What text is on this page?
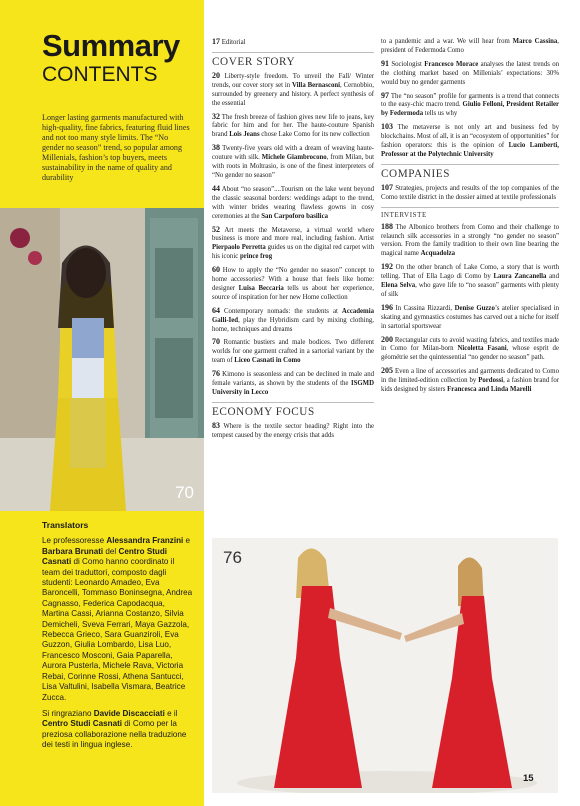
Summary
CONTENTS
Longer lasting garments manufactured with high-quality, fine fabrics, featuring fluid lines and not too many style limits. The “No gender no season” trend, so popular among Millenials, fashion’s top buyers, meets sustainability in the name of quality and durability
70
Translators

Le professoresse Alessandra Franzini e Barbara Brunati del Centro Studi Casnati di Como hanno coordinato il team dei traduttori, composto dagli studenti: Leonardo Amadeo, Eva Baroncelli, Tommaso Boninsegna, Andrea Cagnasso, Federica Capodacqua, Martina Cassi, Arianna Costanzo, Silvia Demicheli, Sveva Ferrari, Maya Gazzola, Rebecca Grieco, Sara Guanziroli, Eva Guzzon, Giulia Lombardo, Lisa Luo, Francesco Mosconi, Gaia Paparella, Aurora Pusterla, Michele Rava, Victoria Rebai, Corinne Rossi, Athena Santucci, Lisa Valtulini, Isabella Vismara, Beatrice Zucca.

Si ringraziano Davide Discacciati e il Centro Studi Casnati di Como per la preziosa collaborazione nella traduzione dei testi in lingua inglese.

17 Editorial

COVER STORY

20 Liberty-style freedom. To unveil the Fall/ Winter trends, our cover story set in Villa Bernasconi, Cernobbio, surrounded by greenery and history. A perfect synthesis of the essential

32 The fresh breeze of fashion gives new life to jeans, key fabric for him and for her. The haute-couture Spanish brand Lois Jeans chose Lake Como for its new collection

38 Twenty-five years old with a dream of weaving haute-couture with silk. Michele Giambrocono, from Milan, but with roots in Moltrasio, is one of the finest interpreters of “No gender no season”

44 About “no season”....Tourism on the lake went beyond the classic seasonal borders: weddings adapt to the trend, with winter brides wearing flawless gowns in cosy ceremonies at the San Carpoforo basilica

52 Art meets the Metaverse, a virtual world where business is more and more real, including fashion. Artist Pierpaolo Perretta guides us on the digital red carpet with his iconic prince frog

60 How to apply the “No gender no season” concept to home accessories? With a house that feels like home: designer Luisa Beccaria tells us about her experience, source of inspiration for her new Home collection

64 Contemporary nomads: the students at Accademia Galli-Ied, play the Hybridism card by mixing clothing, home, techniques and dreams

70 Romantic bustiers and male bodices. Two different worlds for one garment crafted in a sartorial variant by the team of Liceo Casnati in Como

76 Kimono is seasonless and can be declined in male and female variants, as shown by the students of the ISGMD University in Lecco

ECONOMY FOCUS

83 Where is the textile sector heading? Right into the tempest caused by the energy crisis that adds

to a pandemic and a war. We will hear from Marco Cassina, president of Federmoda Como

91 Sociologist Francesco Morace analyses the latest trends on the clothing market based on Millenials’ expectations: 30% would buy no gender garments

97 The “no season” profile for garments is a trend that connects to the easy-chic macro trend. Giulio Felloni, President Retailer by Federmoda tells us why

103 The metaverse is not only art and business fed by blockchains. Most of all, it is an “ecosystem of opportunities” for fashion operators: this is the opinion of Lucio Lamberti, Professor at the Polytechnic University

COMPANIES

107 Strategies, projects and results of the top companies of the Como textile district in the dossier aimed at textile professionals

INTERVISTE

188 The Albonico brothers from Como and their challenge to relaunch silk accessories in a strongly “no gender no season” version. From the family tradition to their own line bearing the magical name Acquadolza

192 On the other branch of Lake Como, a story that is worth telling. That of Ella Lago di Como by Laura Zancanella and Elena Selva, who gave life to “no season” garments with plenty of silk

196 In Cassina Rizzardi, Denise Guzzo’s atelier specialised in skating and gymnastics costumes has carved out a niche for itself in sartorial sportswear

200 Rectangular cuts to avoid wasting fabrics, and textiles made in Como for Milan-born Nicoletta Fasani, whose esprit de géométrie set the quintessential “no gender no season” path.

205 Even a line of accessories and garments dedicated to Como in the limited-edition collection by Pordossi, a fashion brand for kids designed by sisters Francesca and Linda Marelli

76
15
